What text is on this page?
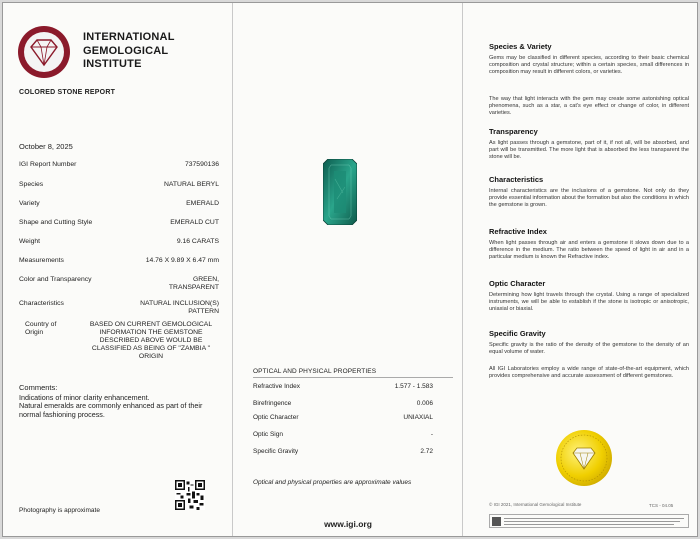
INTERNATIONAL
GEMOLOGICAL
INSTITUTE
COLORED STONE REPORT
October 8, 2025
IGI Report Number	737590136
Species	NATURAL BERYL
Variety	EMERALD
Shape and Cutting Style	EMERALD CUT
Weight	9.16 CARATS
Measurements	14.76 X 9.89 X 6.47 mm
Color and Transparency	GREEN, TRANSPARENT
Characteristics	NATURAL INCLUSION(S) PATTERN
Country of Origin
BASED ON CURRENT GEMOLOGICAL INFORMATION THE GEMSTONE DESCRIBED ABOVE WOULD BE CLASSIFIED AS BEING OF "ZAMBIA " ORIGIN
Comments:
Indications of minor clarity enhancement.
Natural emeralds are commonly enhanced as part of their normal fashioning process.
Photography is approximate
OPTICAL AND PHYSICAL PROPERTIES
Refractive Index	1.577 - 1.583
Birefringence	0.006
Optic Character	UNIAXIAL
Optic Sign	-
Specific Gravity	2.72
Optical and physical properties are approximate values
www.igi.org
Species & Variety
Gems may be classified in different species, according to their basic chemical composition and crystal structure; within a certain species, small differences in composition may result in different colors, or varieties.
The way that light interacts with the gem may create some astonishing optical phenomena, such as a star, a cat's eye effect or change of color, in different varieties.
Transparency
As light passes through a gemstone, part of it, if not all, will be absorbed, and part will be transmitted. The more light that is absorbed the less transparent the stone will be.
Characteristics
Internal characteristics are the inclusions of a gemstone. Not only do they provide essential information about the formation but also the conditions in which the gemstone is grown.
Refractive Index
When light passes through air and enters a gemstone it slows down due to a difference in the medium. The ratio between the speed of light in air and in a particular medium is known the Refractive index.
Optic Character
Determining how light travels through the crystal. Using a range of specialized instruments, we will be able to establish if the stone is isotropic or anisotropic, uniaxial or biaxial.
Specific Gravity
Specific gravity is the ratio of the density of the gemstone to the density of an equal volume of water.
All IGI Laboratories employ a wide range of state-of-the-art equipment, which provides comprehensive and accurate assessment of different gemstones.
© IGI 2021, International Gemological Institute	TCS - 04.05
